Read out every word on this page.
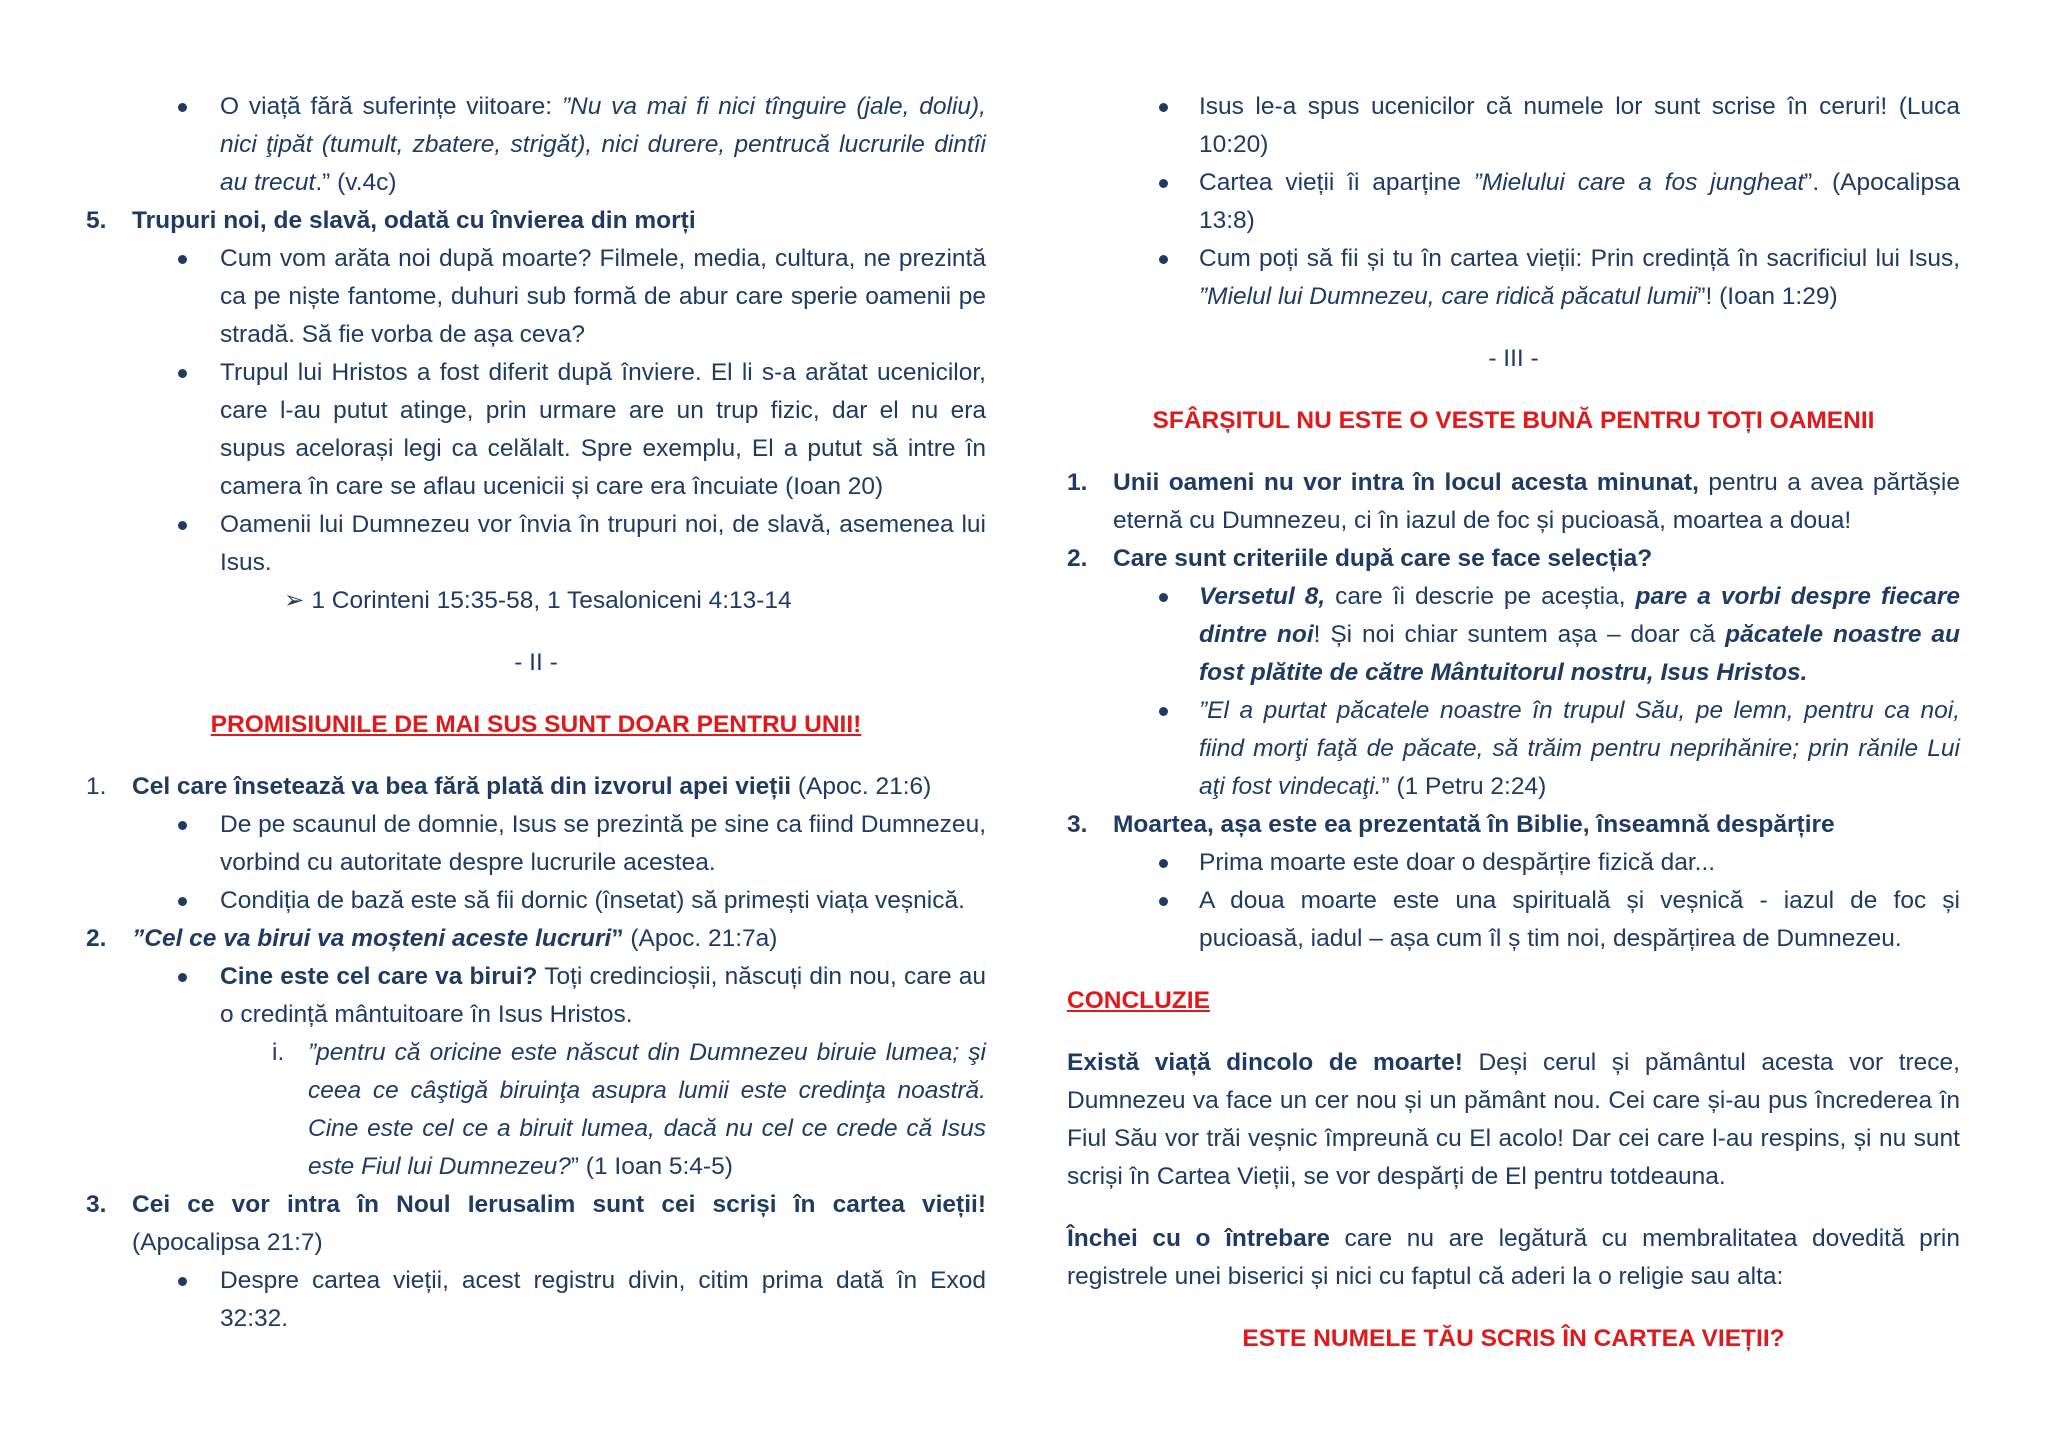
O viață fără suferințe viitoare: ”Nu va mai fi nici tînguire (jale, doliu), nici ţipăt (tumult, zbatere, strigăt), nici durere, pentrucă lucrurile dintîi au trecut.” (v.4c)

5.	Trupuri noi, de slavă, odată cu învierea din morți

Cum vom arăta noi după moarte? Filmele, media, cultura, ne prezintă ca pe niște fantome, duhuri sub formă de abur care sperie oamenii pe stradă. Să fie vorba de așa ceva?

Trupul lui Hristos a fost diferit după înviere. El li s-a arătat ucenicilor, care l-au putut atinge, prin urmare are un trup fizic, dar el nu era supus acelorași legi ca celălalt. Spre exemplu, El a putut să intre în camera în care se aflau ucenicii și care era încuiate (Ioan 20)

Oamenii lui Dumnezeu vor învia în trupuri noi, de slavă, asemenea lui Isus.

➢ 1 Corinteni 15:35-58, 1 Tesaloniceni 4:13-14

- II -

PROMISIUNILE DE MAI SUS SUNT DOAR PENTRU UNII!

1.	Cel care însetează va bea fără plată din izvorul apei vieții (Apoc. 21:6)

De pe scaunul de domnie, Isus se prezintă pe sine ca fiind Dumnezeu, vorbind cu autoritate despre lucrurile acestea.

Condiția de bază este să fii dornic (însetat) să primești viața veșnică.

2.	”Cel ce va birui va moșteni aceste lucruri” (Apoc. 21:7a)

Cine este cel care va birui? Toți credincioșii, născuți din nou, care au o credință mântuitoare în Isus Hristos.

i. ”pentru că oricine este născut din Dumnezeu biruie lumea; şi ceea ce câştigă biruinţa asupra lumii este credinţa noastră. Cine este cel ce a biruit lumea, dacă nu cel ce crede că Isus este Fiul lui Dumnezeu?” (1 Ioan 5:4-5)

3.	Cei ce vor intra în Noul Ierusalim sunt cei scriși în cartea vieții! (Apocalipsa 21:7)

Despre cartea vieții, acest registru divin, citim prima dată în Exod 32:32.

Isus le-a spus ucenicilor că numele lor sunt scrise în ceruri! (Luca 10:20)

Cartea vieții îi aparține ”Mielului care a fos jungheat”. (Apocalipsa 13:8)

Cum poți să fii și tu în cartea vieții: Prin credință în sacrificiul lui Isus, ”Mielul lui Dumnezeu, care ridică păcatul lumii”! (Ioan 1:29)

- III -

SFÂRȘITUL NU ESTE O VESTE BUNĂ PENTRU TOȚI OAMENII

1.	Unii oameni nu vor intra în locul acesta minunat, pentru a avea părtășie eternă cu Dumnezeu, ci în iazul de foc și pucioasă, moartea a doua!

2.	Care sunt criteriile după care se face selecția?

Versetul 8, care îi descrie pe aceștia, pare a vorbi despre fiecare dintre noi! Și noi chiar suntem așa – doar că păcatele noastre au fost plătite de către Mântuitorul nostru, Isus Hristos.

”El a purtat păcatele noastre în trupul Său, pe lemn, pentru ca noi, fiind morţi faţă de păcate, să trăim pentru neprihănire; prin rănile Lui aţi fost vindecaţi.” (1 Petru 2:24)

3.	Moartea, așa este ea prezentată în Biblie, înseamnă despărțire

Prima moarte este doar o despărțire fizică dar...

A doua moarte este una spirituală și veșnică - iazul de foc și pucioasă, iadul – așa cum îl ș tim noi, despărțirea de Dumnezeu.

CONCLUZIE

Există viață dincolo de moarte! Deși cerul și pământul acesta vor trece, Dumnezeu va face un cer nou și un pământ nou. Cei care și-au pus încrederea în Fiul Său vor trăi veșnic împreună cu El acolo! Dar cei care l-au respins, și nu sunt scriși în Cartea Vieții, se vor despărți de El pentru totdeauna.

Închei cu o întrebare care nu are legătură cu membralitatea dovedită prin registrele unei biserici și nici cu faptul că aderi la o religie sau alta:

ESTE NUMELE TĂU SCRIS ÎN CARTEA VIEȚII?
